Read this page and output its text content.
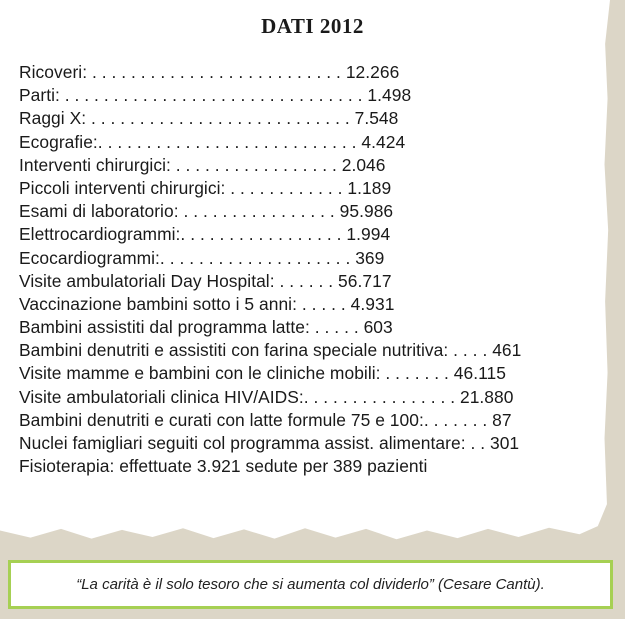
DATI 2012
Ricoveri: . . . . . . . . . . . . . . . . . . . . . . . . . . 12.266
Parti: . . . . . . . . . . . . . . . . . . . . . . . . . . . . . . . 1.498
Raggi X: . . . . . . . . . . . . . . . . . . . . . . . . . . . 7.548
Ecografie:. . . . . . . . . . . . . . . . . . . . . . . . . . . 4.424
Interventi chirurgici: . . . . . . . . . . . . . . . . . 2.046
Piccoli interventi chirurgici: . . . . . . . . . . . . 1.189
Esami di laboratorio: . . . . . . . . . . . . . . . . 95.986
Elettrocardiogrammi:. . . . . . . . . . . . . . . . . 1.994
Ecocardiogrammi:. . . . . . . . . . . . . . . . . . . . 369
Visite ambulatoriali Day Hospital: . . . . . . 56.717
Vaccinazione bambini sotto i 5 anni: . . . . . 4.931
Bambini assistiti dal programma latte: . . . . . 603
Bambini denutriti e assistiti con farina speciale nutritiva: . . . . 461
Visite mamme e bambini con le cliniche mobili: . . . . . . . 46.115
Visite ambulatoriali clinica HIV/AIDS:. . . . . . . . . . . . . . . . 21.880
Bambini denutriti e curati con latte formule 75 e 100:. . . . . . . 87
Nuclei famigliari seguiti col programma assist. alimentare: . . 301
Fisioterapia: effettuate 3.921 sedute per 389 pazienti
“La carità è il solo tesoro che si aumenta col dividerlo” (Cesare Cantù).
